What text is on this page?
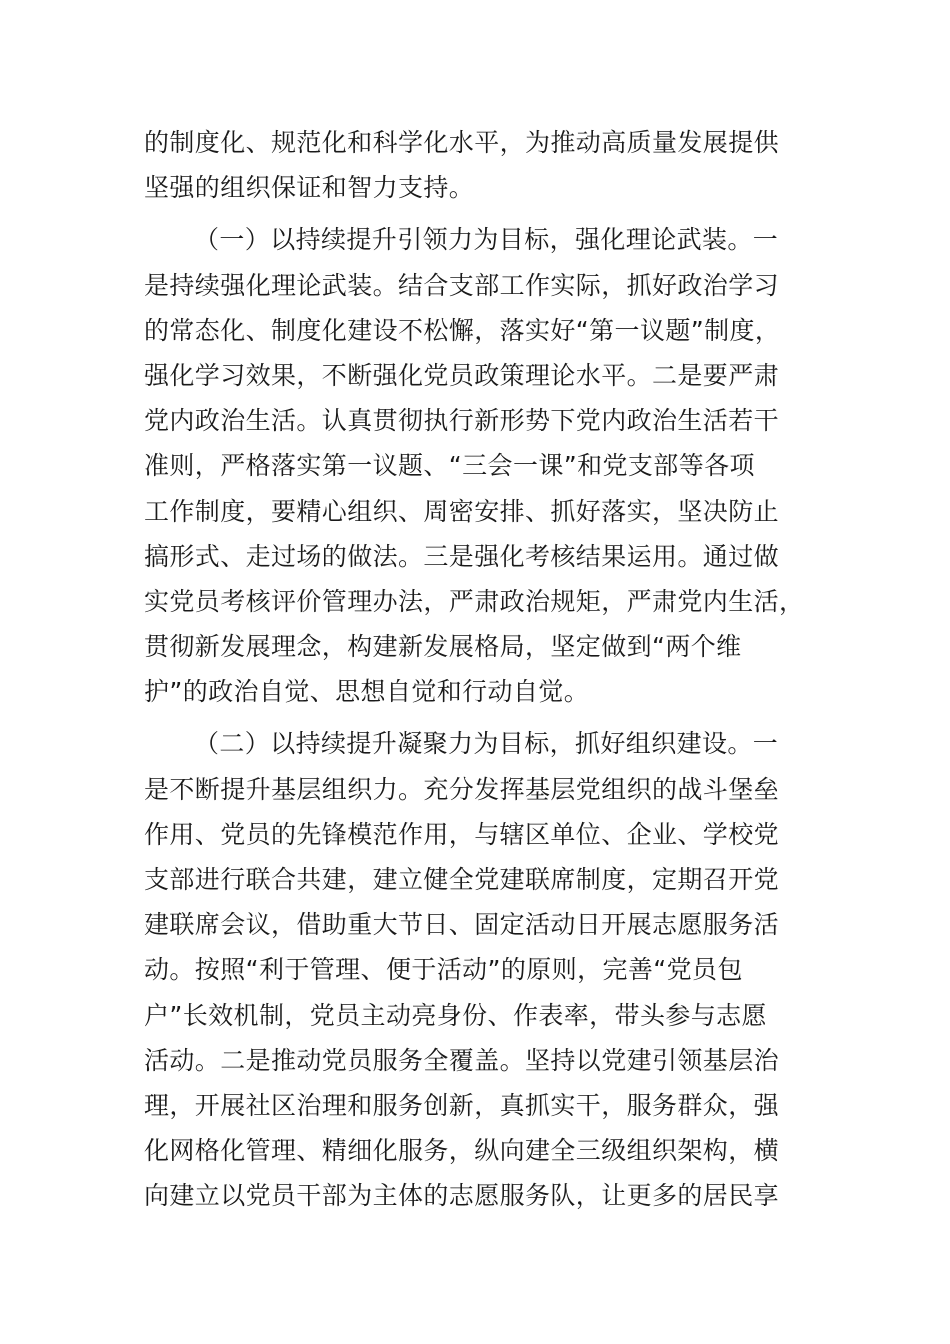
的制度化、规范化和科学化水平，为推动高质量发展提供
坚强的组织保证和智力支持。
（一）以持续提升引领力为目标，强化理论武装。一
是持续强化理论武装。结合支部工作实际，抓好政治学习
的常态化、制度化建设不松懈，落实好“第一议题”制度，
强化学习效果，不断强化党员政策理论水平。二是要严肃
党内政治生活。认真贯彻执行新形势下党内政治生活若干
准则，严格落实第一议题、“三会一课”和党支部等各项
工作制度，要精心组织、周密安排、抓好落实，坚决防止
搞形式、走过场的做法。三是强化考核结果运用。通过做
实党员考核评价管理办法，严肃政治规矩，严肃党内生活，
贯彻新发展理念，构建新发展格局，坚定做到“两个维
护”的政治自觉、思想自觉和行动自觉。
（二）以持续提升凝聚力为目标，抓好组织建设。一
是不断提升基层组织力。充分发挥基层党组织的战斗堡垒
作用、党员的先锋模范作用，与辖区单位、企业、学校党
支部进行联合共建，建立健全党建联席制度，定期召开党
建联席会议，借助重大节日、固定活动日开展志愿服务活
动。按照“利于管理、便于活动”的原则，完善“党员包
户”长效机制，党员主动亮身份、作表率，带头参与志愿
活动。二是推动党员服务全覆盖。坚持以党建引领基层治
理，开展社区治理和服务创新，真抓实干，服务群众，强
化网格化管理、精细化服务，纵向建全三级组织架构，横
向建立以党员干部为主体的志愿服务队，让更多的居民享
